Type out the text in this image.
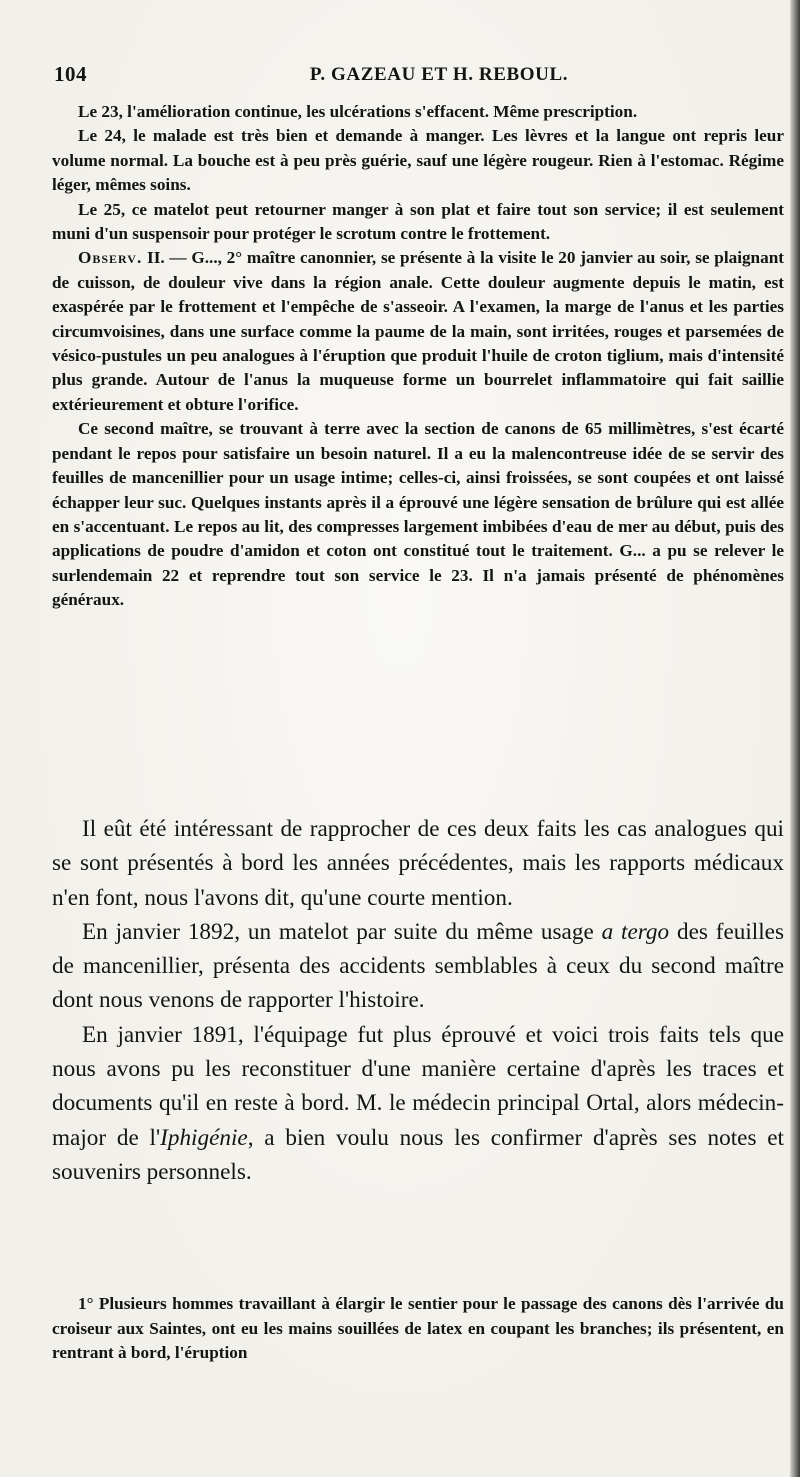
104	P. GAZEAU ET H. REBOUL.

Le 23, l'amélioration continue, les ulcérations s'effacent. Même prescription.

Le 24, le malade est très bien et demande à manger. Les lèvres et la langue ont repris leur volume normal. La bouche est à peu près guérie, sauf une légère rougeur. Rien à l'estomac. Régime léger, mêmes soins.

Le 25, ce matelot peut retourner manger à son plat et faire tout son service; il est seulement muni d'un suspensoir pour protéger le scrotum contre le frottement.

Observ. II. — G..., 2° maître canonnier, se présente à la visite le 20 janvier au soir, se plaignant de cuisson, de douleur vive dans la région anale. Cette douleur augmente depuis le matin, est exaspérée par le frottement et l'empêche de s'asseoir. A l'examen, la marge de l'anus et les parties circumvoisines, dans une surface comme la paume de la main, sont irritées, rouges et parsemées de vésico-pustules un peu analogues à l'éruption que produit l'huile de croton tiglium, mais d'intensité plus grande. Autour de l'anus la muqueuse forme un bourrelet inflammatoire qui fait saillie extérieurement et obture l'orifice.

Ce second maître, se trouvant à terre avec la section de canons de 65 millimètres, s'est écarté pendant le repos pour satisfaire un besoin naturel. Il a eu la malencontreuse idée de se servir des feuilles de mancenillier pour un usage intime; celles-ci, ainsi froissées, se sont coupées et ont laissé échapper leur suc. Quelques instants après il a éprouvé une légère sensation de brûlure qui est allée en s'accentuant. Le repos au lit, des compresses largement imbibées d'eau de mer au début, puis des applications de poudre d'amidon et coton ont constitué tout le traitement. G... a pu se relever le surlendemain 22 et reprendre tout son service le 23. Il n'a jamais présenté de phénomènes généraux.

Il eût été intéressant de rapprocher de ces deux faits les cas analogues qui se sont présentés à bord les années précédentes, mais les rapports médicaux n'en font, nous l'avons dit, qu'une courte mention.

En janvier 1892, un matelot par suite du même usage a tergo des feuilles de mancenillier, présenta des accidents semblables à ceux du second maître dont nous venons de rapporter l'histoire.

En janvier 1891, l'équipage fut plus éprouvé et voici trois faits tels que nous avons pu les reconstituer d'une manière certaine d'après les traces et documents qu'il en reste à bord. M. le médecin principal Ortal, alors médecin-major de l'Iphigénie, a bien voulu nous les confirmer d'après ses notes et souvenirs personnels.

1° Plusieurs hommes travaillant à élargir le sentier pour le passage des canons dès l'arrivée du croiseur aux Saintes, ont eu les mains souillées de latex en coupant les branches; ils présentent, en rentrant à bord, l'éruption
